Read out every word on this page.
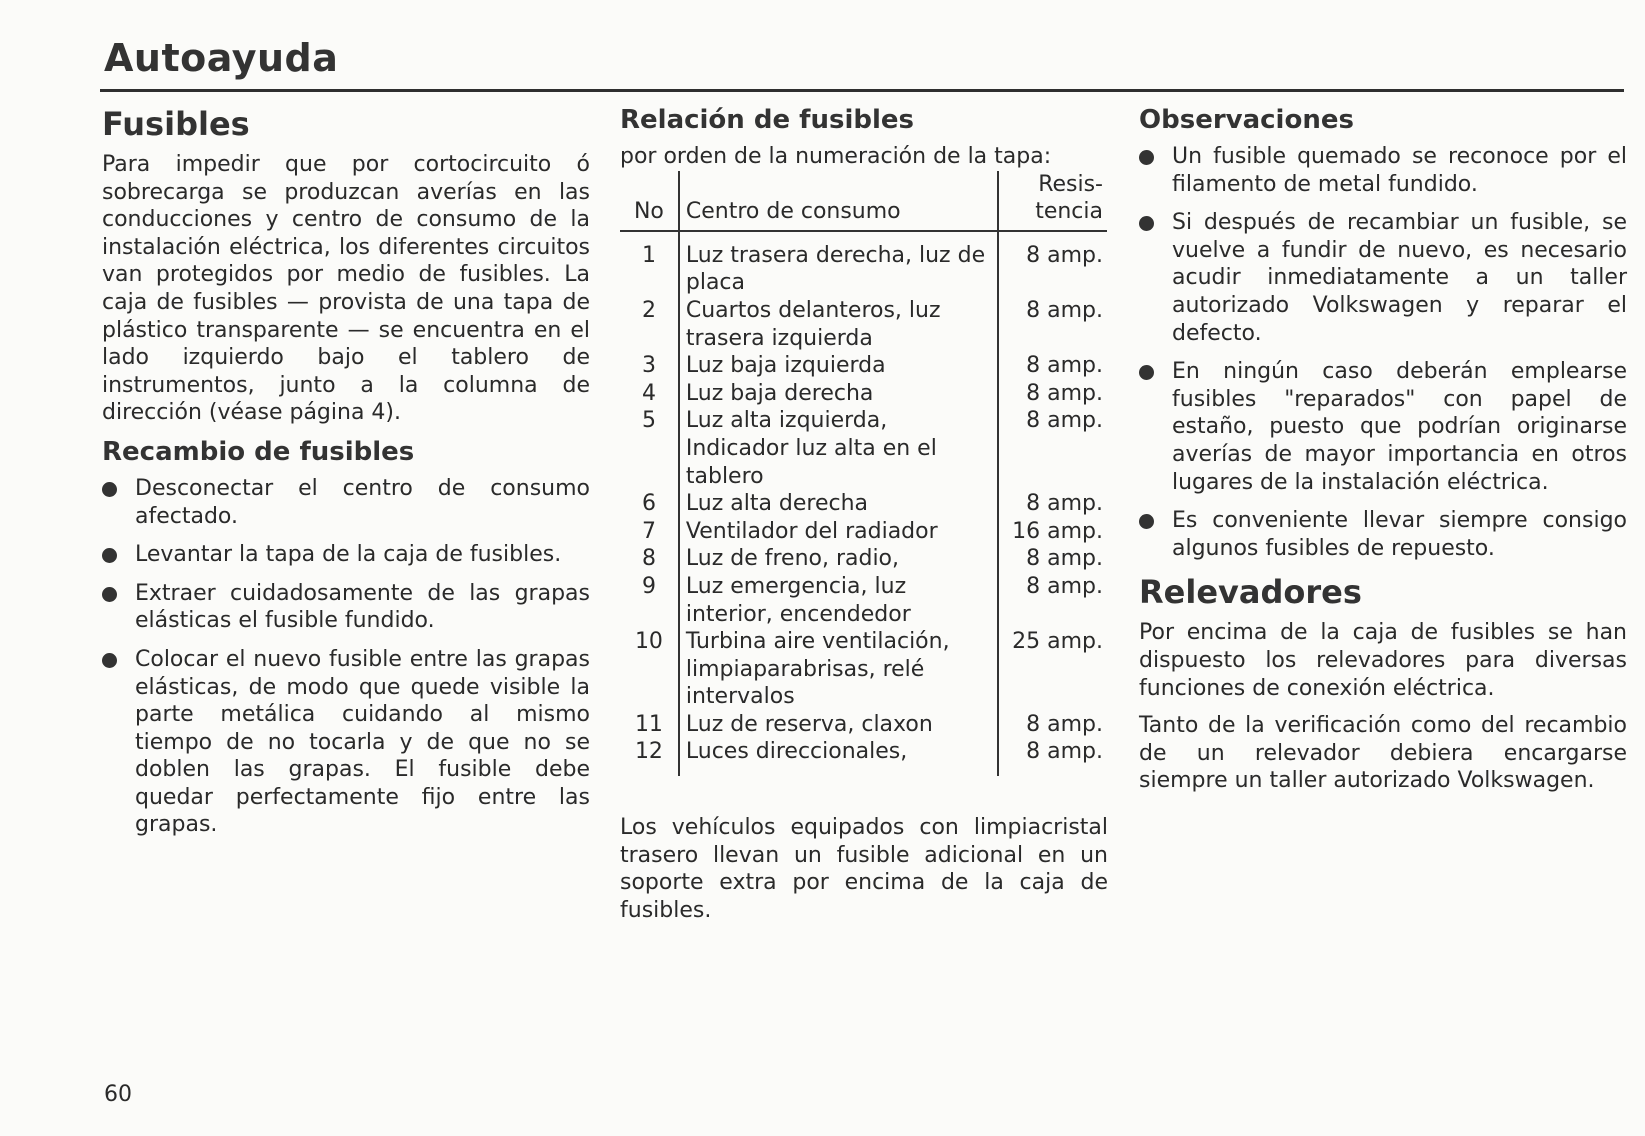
Autoayuda
Fusibles

Para impedir que por cortocircuito ó sobrecarga se produzcan averías en las conducciones y centro de consumo de la instalación eléctrica, los diferentes circuitos van protegidos por medio de fusibles. La caja de fusibles — provista de una tapa de plástico transparente — se encuentra en el lado izquierdo bajo el tablero de instrumentos, junto a la columna de dirección (véase página 4).

Recambio de fusibles
Desconectar el centro de consumo afectado.
Levantar la tapa de la caja de fusibles.
Extraer cuidadosamente de las grapas elásticas el fusible fundido.
Colocar el nuevo fusible entre las grapas elásticas, de modo que quede visible la parte metálica cuidando al mismo tiempo de no tocarla y de que no se doblen las grapas. El fusible debe quedar perfectamente fijo entre las grapas.
Relación de fusibles

por orden de la numeración de la tapa:

No	Centro de consumo	Resis-
tencia
1	Luz trasera derecha, luz de placa	8 amp.
2	Cuartos delanteros, luz trasera izquierda	8 amp.
3	Luz baja izquierda	8 amp.
4	Luz baja derecha	8 amp.
5	Luz alta izquierda, Indicador luz alta en el tablero	8 amp.
6	Luz alta derecha	8 amp.
7	Ventilador del radiador	16 amp.
8	Luz de freno, radio,	8 amp.
9	Luz emergencia, luz interior, encendedor	8 amp.
10	Turbina aire ventilación, limpiaparabrisas, relé intervalos	25 amp.
11	Luz de reserva, claxon	8 amp.
12	Luces direccionales,	8 amp.

Los vehículos equipados con limpiacristal trasero llevan un fusible adicional en un soporte extra por encima de la caja de fusibles.

Observaciones
Un fusible quemado se reconoce por el filamento de metal fundido.
Si después de recambiar un fusible, se vuelve a fundir de nuevo, es necesario acudir inmediatamente a un taller autorizado Volkswagen y reparar el defecto.
En ningún caso deberán emplearse fusibles "reparados" con papel de estaño, puesto que podrían originarse averías de mayor importancia en otros lugares de la instalación eléctrica.
Es conveniente llevar siempre consigo algunos fusibles de repuesto.
Relevadores

Por encima de la caja de fusibles se han dispuesto los relevadores para diversas funciones de conexión eléctrica.

Tanto de la verificación como del recambio de un relevador debiera encargarse siempre un taller autorizado Volkswagen.

60
